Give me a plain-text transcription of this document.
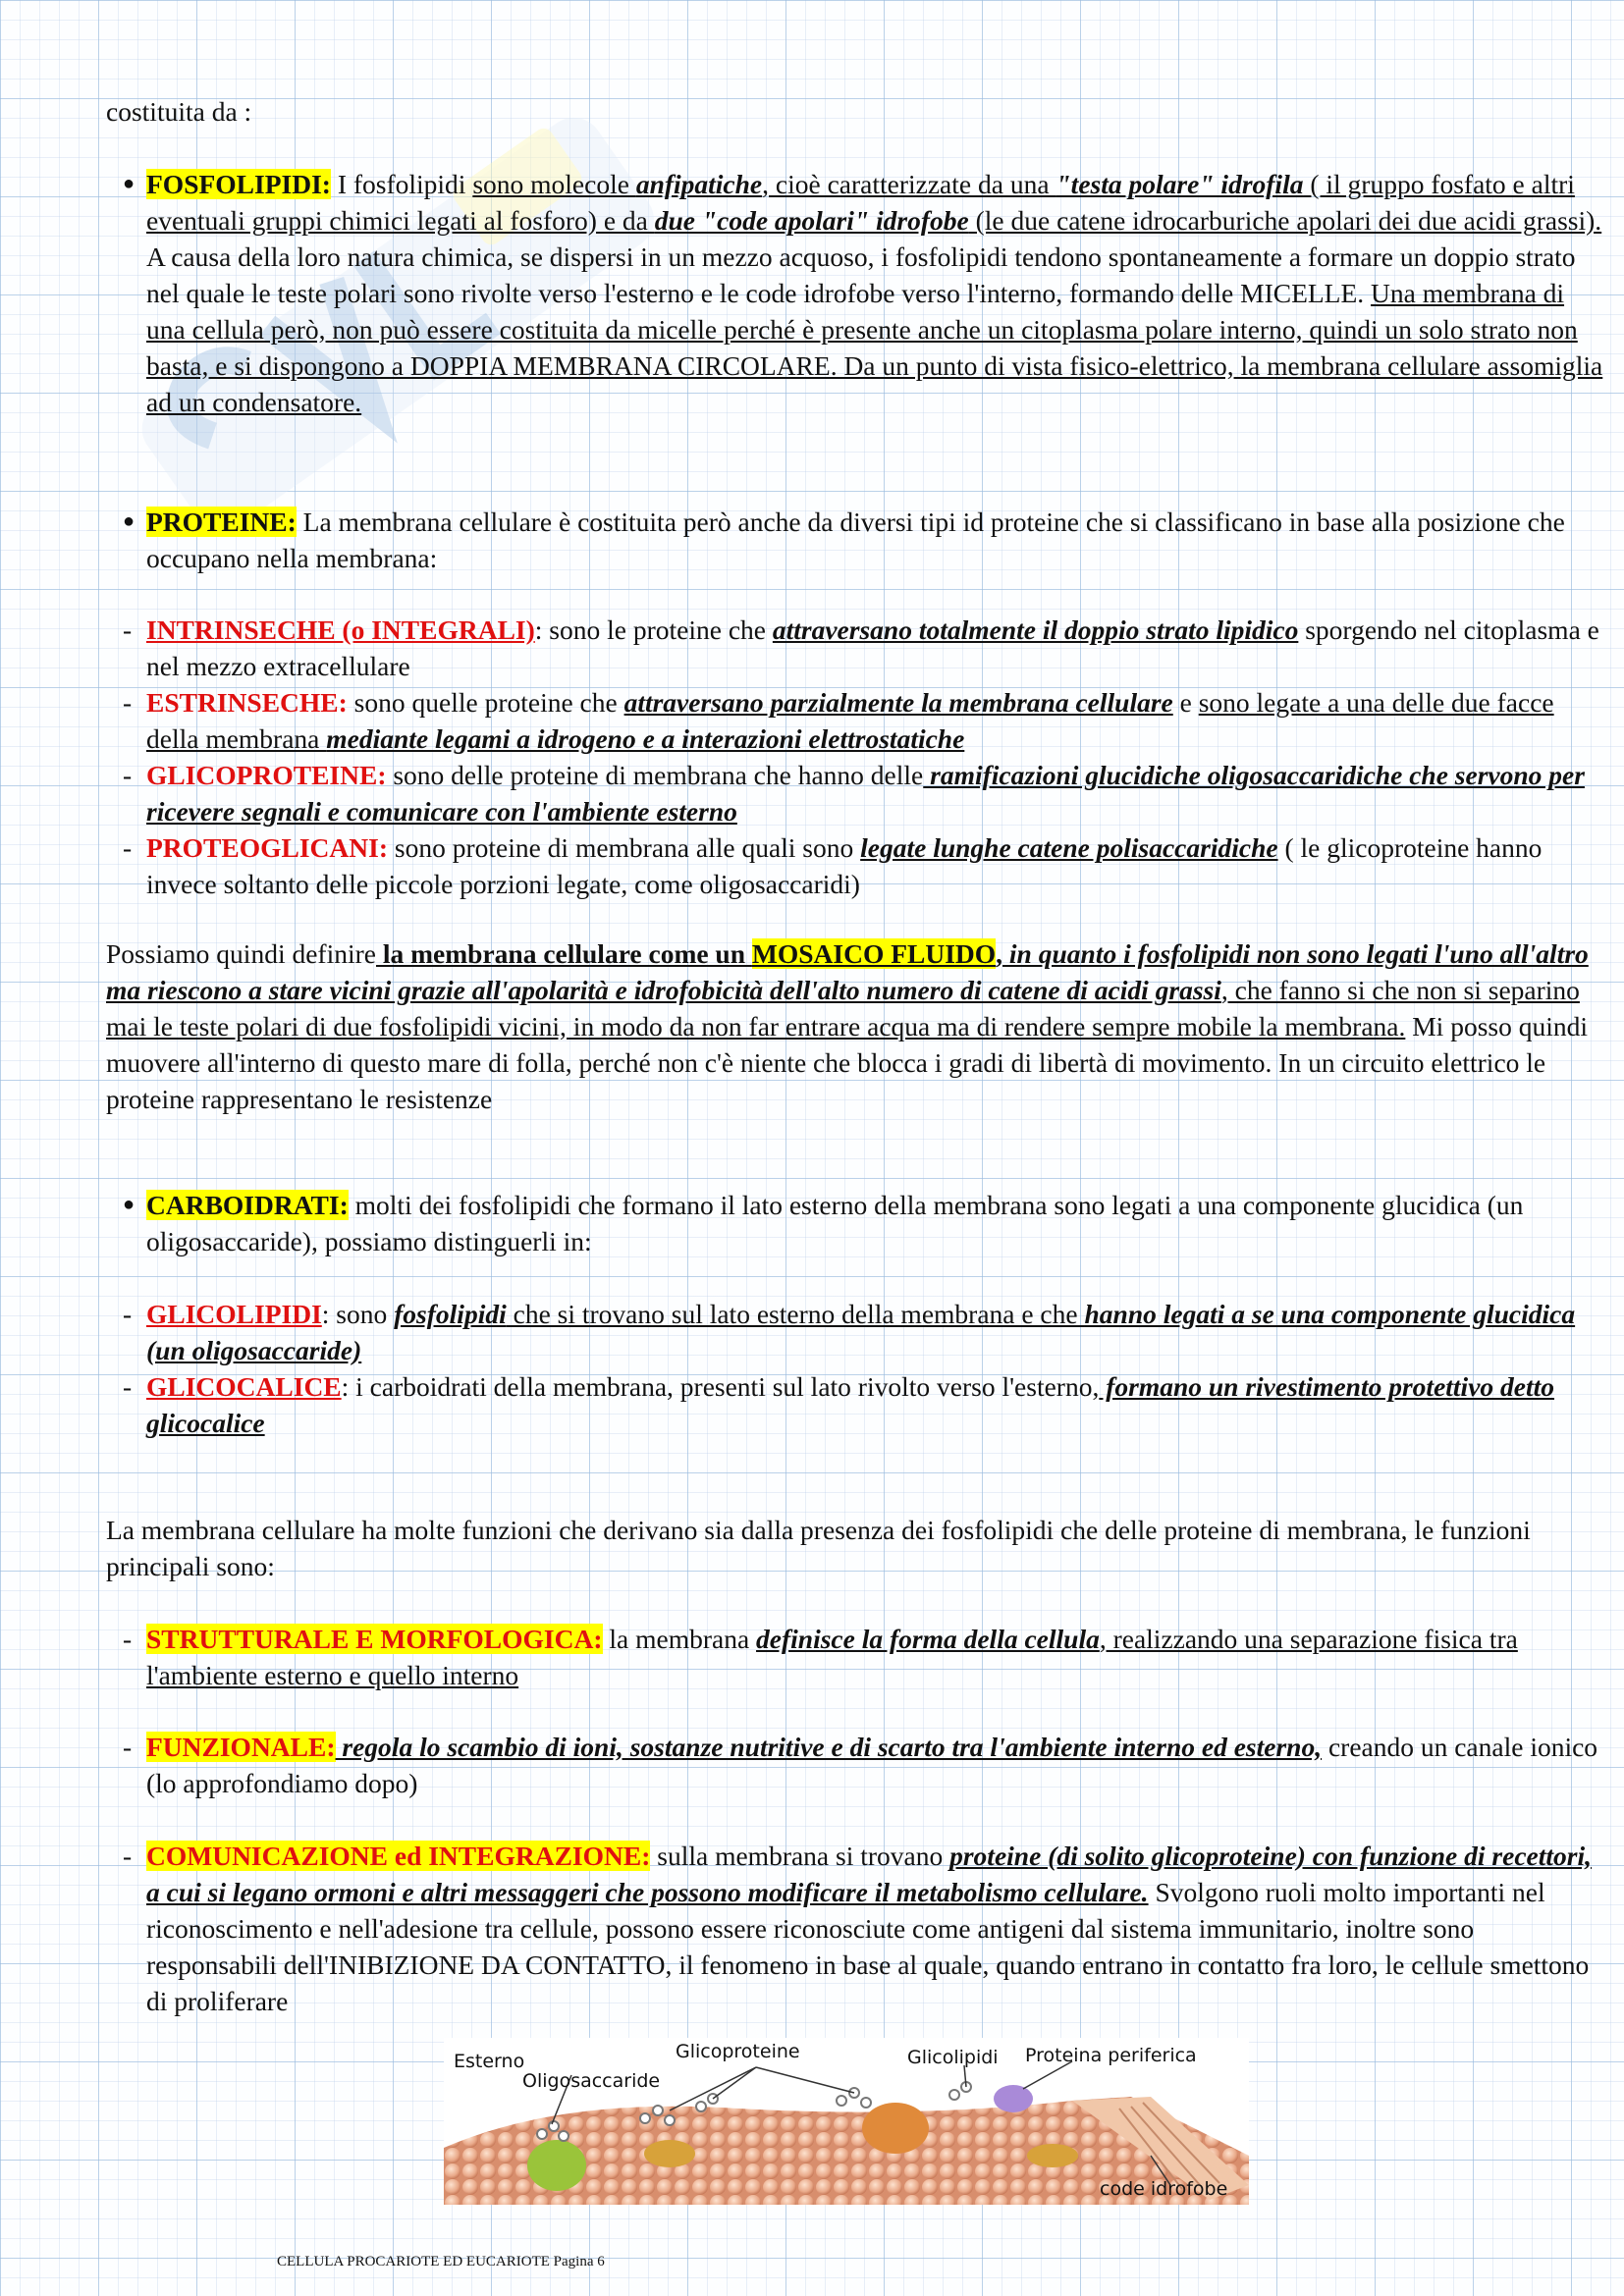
costituita da :

● FOSFOLIPIDI: I fosfolipidi sono molecole anfipatiche, cioè caratterizzate da una "testa polare" idrofila ( il gruppo fosfato e altri eventuali gruppi chimici legati al fosforo) e da due "code apolari" idrofobe (le due catene idrocarburiche apolari dei due acidi grassi). A causa della loro natura chimica, se dispersi in un mezzo acquoso, i fosfolipidi tendono spontaneamente a formare un doppio strato nel quale le teste polari sono rivolte verso l'esterno e le code idrofobe verso l'interno, formando delle MICELLE. Una membrana di una cellula però, non può essere costituita da micelle perché è presente anche un citoplasma polare interno, quindi un solo strato non basta, e si dispongono a DOPPIA MEMBRANA CIRCOLARE. Da un punto di vista fisico-elettrico, la membrana cellulare assomiglia ad un condensatore.

● PROTEINE: La membrana cellulare è costituita però anche da diversi tipi id proteine che si classificano in base alla posizione che occupano nella membrana:

- INTRINSECHE (o INTEGRALI): sono le proteine che attraversano totalmente il doppio strato lipidico sporgendo nel citoplasma e nel mezzo extracellulare

- ESTRINSECHE: sono quelle proteine che attraversano parzialmente la membrana cellulare e sono legate a una delle due facce della membrana mediante legami a idrogeno e a interazioni elettrostatiche

- GLICOPROTEINE: sono delle proteine di membrana che hanno delle ramificazioni glucidiche oligosaccaridiche che servono per ricevere segnali e comunicare con l'ambiente esterno

- PROTEOGLICANI: sono proteine di membrana alle quali sono legate lunghe catene polisaccaridiche ( le glicoproteine hanno invece soltanto delle piccole porzioni legate, come oligosaccaridi)

Possiamo quindi definire la membrana cellulare come un MOSAICO FLUIDO, in quanto i fosfolipidi non sono legati l'uno all'altro ma riescono a stare vicini grazie all'apolarità e idrofobicità dell'alto numero di catene di acidi grassi, che fanno si che non si separino mai le teste polari di due fosfolipidi vicini, in modo da non far entrare acqua ma di rendere sempre mobile la membrana. Mi posso quindi muovere all'interno di questo mare di folla, perché non c'è niente che blocca i gradi di libertà di movimento. In un circuito elettrico le proteine rappresentano le resistenze

● CARBOIDRATI: molti dei fosfolipidi che formano il lato esterno della membrana sono legati a una componente glucidica (un oligosaccaride), possiamo distinguerli in:

- GLICOLIPIDI: sono fosfolipidi che si trovano sul lato esterno della membrana e che hanno legati a se una componente glucidica (un oligosaccaride)

- GLICOCALICE: i carboidrati della membrana, presenti sul lato rivolto verso l'esterno, formano un rivestimento protettivo detto glicocalice

La membrana cellulare ha molte funzioni che derivano sia dalla presenza dei fosfolipidi che delle proteine di membrana, le funzioni principali sono:

- STRUTTURALE E MORFOLOGICA: la membrana definisce la forma della cellula, realizzando una separazione fisica tra l'ambiente esterno e quello interno

- FUNZIONALE: regola lo scambio di ioni, sostanze nutritive e di scarto tra l'ambiente interno ed esterno, creando un canale ionico (lo approfondiamo dopo)

- COMUNICAZIONE ed INTEGRAZIONE: sulla membrana si trovano proteine (di solito glicoproteine) con funzione di recettori, a cui si legano ormoni e altri messaggeri che possono modificare il metabolismo cellulare. Svolgono ruoli molto importanti nel riconoscimento e nell'adesione tra cellule, possono essere riconosciute come antigeni dal sistema immunitario, inoltre sono responsabili dell'INIBIZIONE DA CONTATTO, il fenomeno in base al quale, quando entrano in contatto fra loro, le cellule smettono di proliferare

Esterno	Glicoproteine	Glicolipidi Proteina periferica
Oligosaccaride
code idrofobe
CELLULA PROCARIOTE ED EUCARIOTE Pagina 6
